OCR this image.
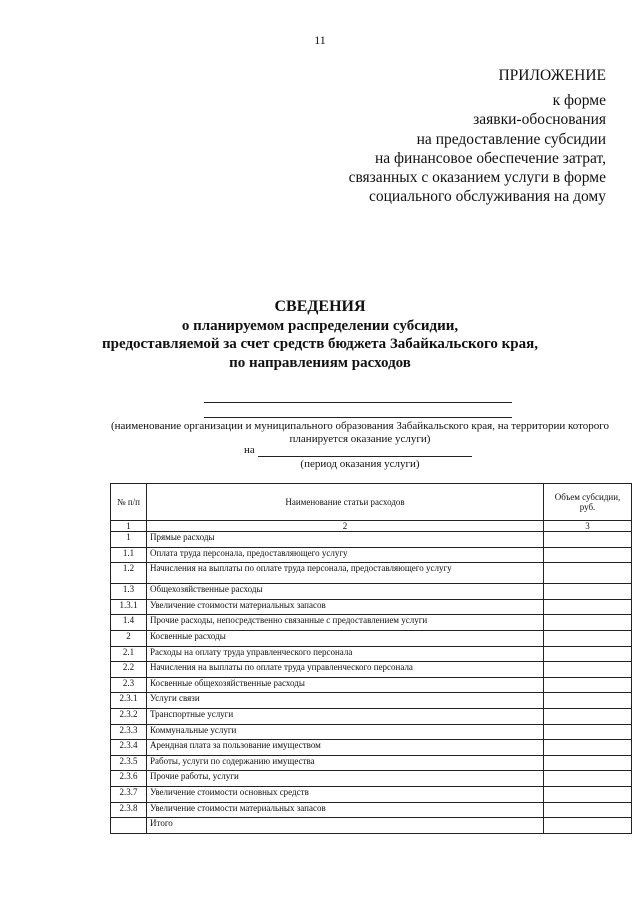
11
ПРИЛОЖЕНИЕ
к форме
заявки-обоснования
на предоставление субсидии
на финансовое обеспечение затрат,
связанных с оказанием услуги в форме
социального обслуживания на дому
СВЕДЕНИЯ
о планируемом распределении субсидии,
предоставляемой за счет средств бюджета Забайкальского края,
по направлениям расходов
(наименование организации и муниципального образования Забайкальского края, на территории которого
планируется оказание услуги)
на
(период оказания услуги)
№ п/п	Наименование статьи расходов	Объем субсидии, руб.
1	2	3
1	Прямые расходы	
1.1	Оплата труда персонала, предоставляющего услугу	
1.2	Начисления на выплаты по оплате труда персонала, предоставляющего услугу	
1.3	Общехозяйственные расходы	
1.3.1	Увеличение стоимости материальных запасов	
1.4	Прочие расходы, непосредственно связанные с предоставлением услуги	
2	Косвенные расходы	
2.1	Расходы на оплату труда управленческого персонала	
2.2	Начисления на выплаты по оплате труда управленческого персонала	
2.3	Косвенные общехозяйственные расходы	
2.3.1	Услуги связи	
2.3.2	Транспортные услуги	
2.3.3	Коммунальные услуги	
2.3.4	Арендная плата за пользование имуществом	
2.3.5	Работы, услуги по содержанию имущества	
2.3.6	Прочие работы, услуги	
2.3.7	Увеличение стоимости основных средств	
2.3.8	Увеличение стоимости материальных запасов	
	Итого	
